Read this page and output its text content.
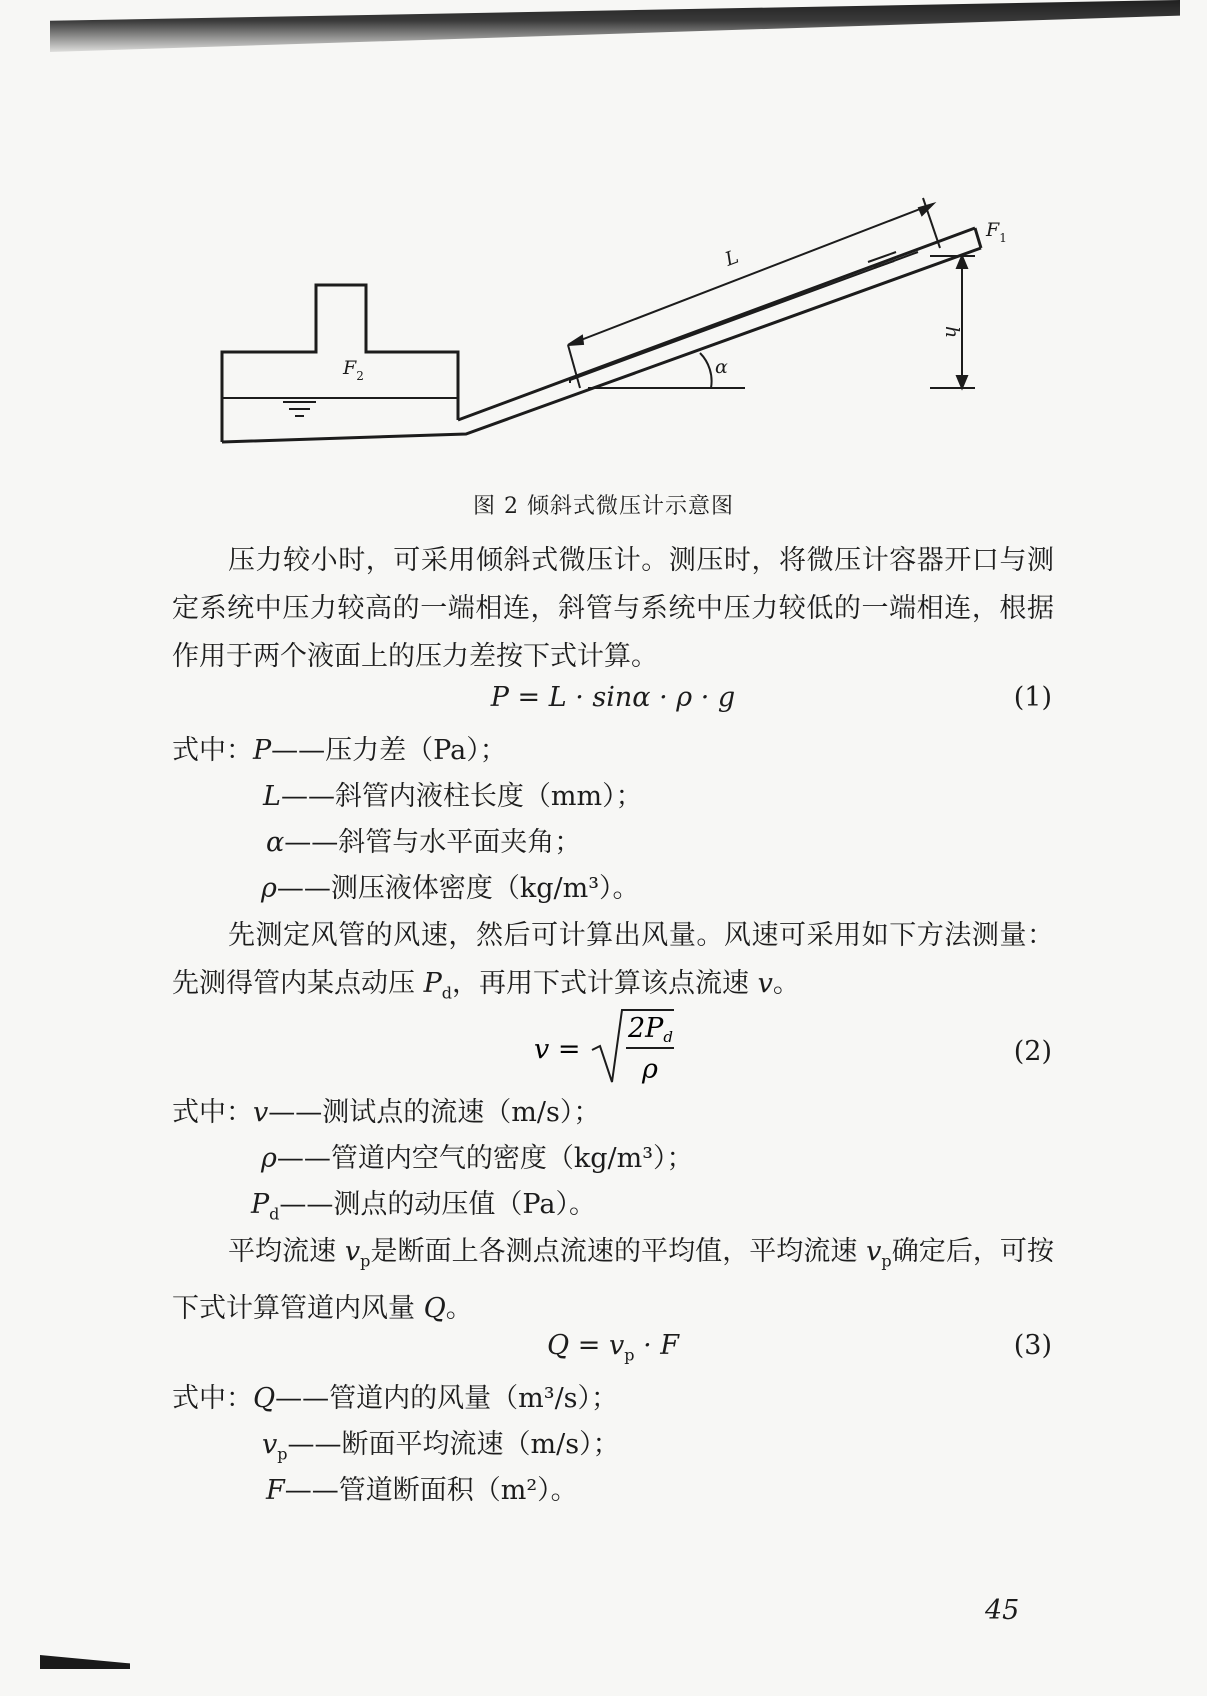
L
$F_1$
$F_2$
h
α
图 2 倾斜式微压计示意图
压力较小时，可采用倾斜式微压计。测压时，将微压计容器开口与测定系统中压力较高的一端相连，斜管与系统中压力较低的一端相连，根据作用于两个液面上的压力差按下式计算。
P = L · sinα · ρ · g	(1)
式中：P——压力差（Pa）；
L——斜管内液柱长度（mm）；
α——斜管与水平面夹角；
ρ——测压液体密度（kg/m³）。
先测定风管的风速，然后可计算出风量。风速可采用如下方法测量：先测得管内某点动压 $P_d$，再用下式计算该点流速 v。
v =
2Pd
ρ
(2)
式中：v——测试点的流速（m/s）；
ρ——管道内空气的密度（kg/m³）；
$P_d——$测点的动压值（Pa）。
平均流速 $v_p$是断面上各测点流速的平均值，平均流速 $v_p$确定后，可按下式计算管道内风量 Q。
$Q = v_p \cdot F$	(3)
式中：Q——管道内的风量（m³/s）；
$v_p——$断面平均流速（m/s）；
F——管道断面积（m²）。
45
